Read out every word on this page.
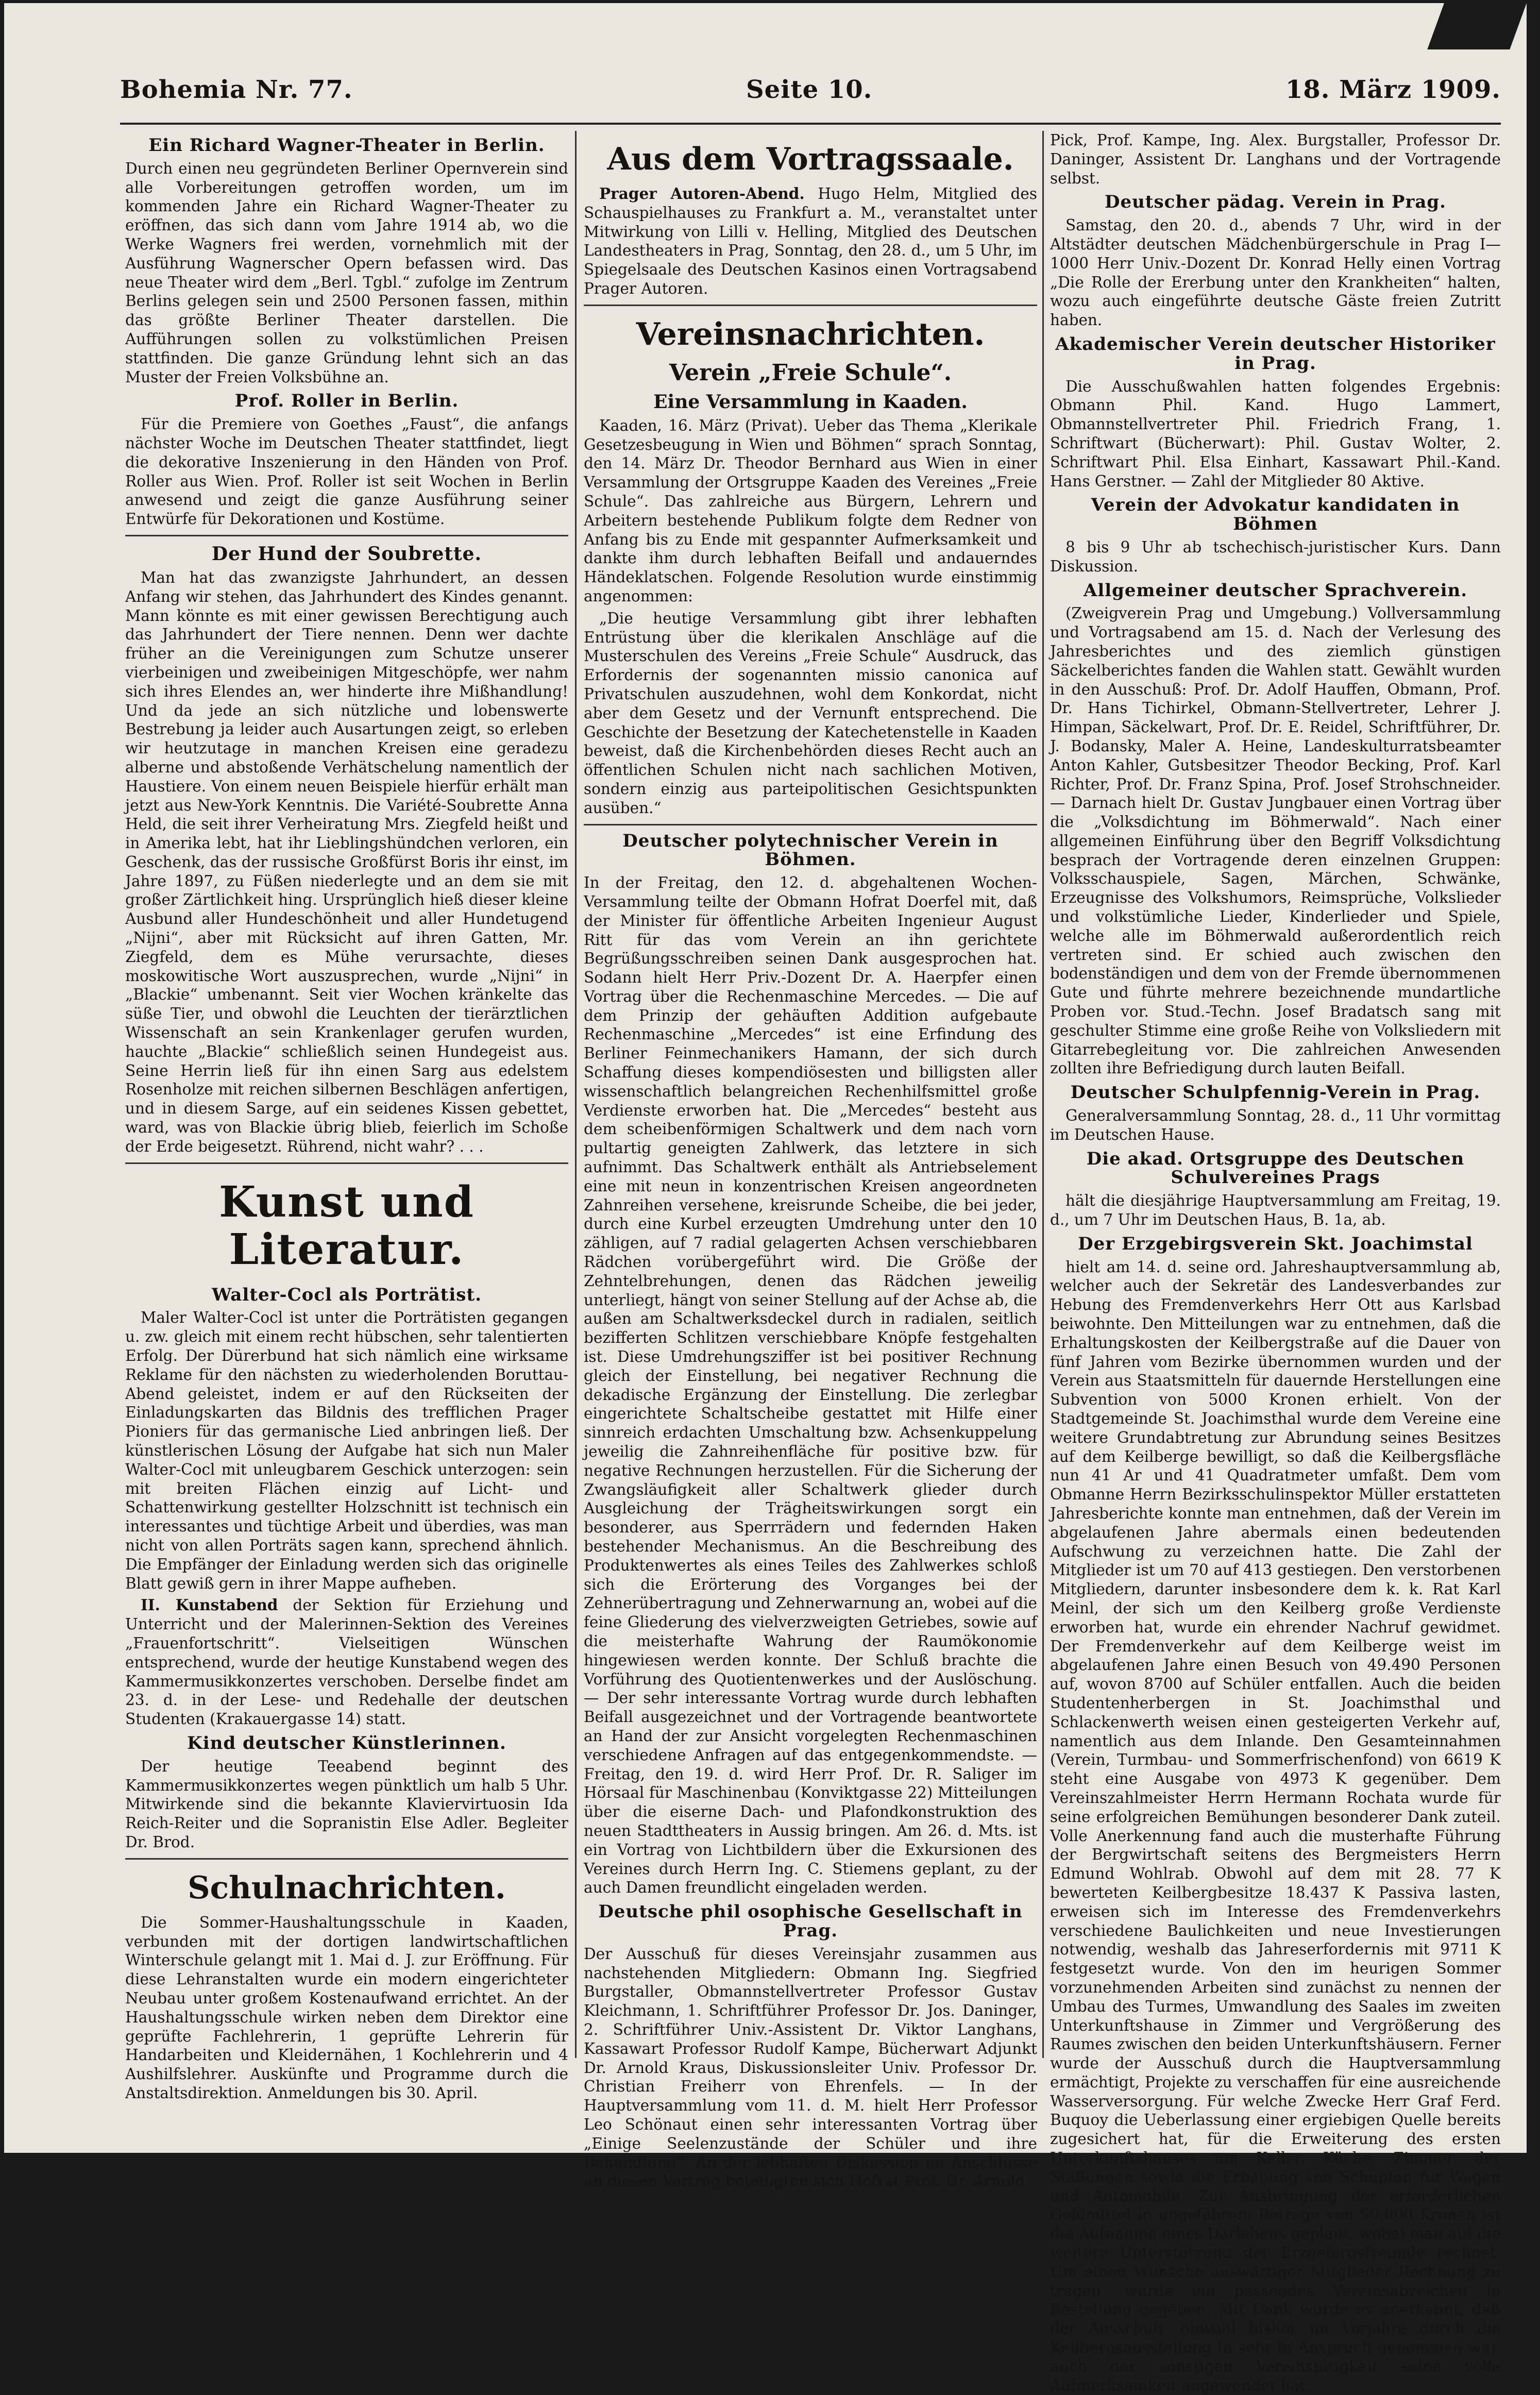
Bohemia Nr. 77.	Seite 10.	18. März 1909.
Ein Richard Wagner-Theater in Berlin.

Durch einen neu gegründeten Berliner Opernverein sind alle Vorbereitungen getroffen worden, um im kommenden Jahre ein Richard Wagner-Theater zu eröffnen, das sich dann vom Jahre 1914 ab, wo die Werke Wagners frei werden, vornehmlich mit der Ausführung Wagnerscher Opern befassen wird. Das neue Theater wird dem „Berl. Tgbl.“ zufolge im Zentrum Berlins gelegen sein und 2500 Personen fassen, mithin das größte Berliner Theater darstellen. Die Aufführungen sollen zu volkstümlichen Preisen stattfinden. Die ganze Gründung lehnt sich an das Muster der Freien Volksbühne an.

Prof. Roller in Berlin.

Für die Premiere von Goethes „Faust“, die anfangs nächster Woche im Deutschen Theater stattfindet, liegt die dekorative Inszenierung in den Händen von Prof. Roller aus Wien. Prof. Roller ist seit Wochen in Berlin anwesend und zeigt die ganze Ausführung seiner Entwürfe für Dekorationen und Kostüme.

Der Hund der Soubrette.

Man hat das zwanzigste Jahrhundert, an dessen Anfang wir stehen, das Jahrhundert des Kindes genannt. Mann könnte es mit einer gewissen Berechtigung auch das Jahrhundert der Tiere nennen. Denn wer dachte früher an die Vereinigungen zum Schutze unserer vierbeinigen und zweibeinigen Mitgeschöpfe, wer nahm sich ihres Elendes an, wer hinderte ihre Mißhandlung! Und da jede an sich nützliche und lobenswerte Bestrebung ja leider auch Ausartungen zeigt, so erleben wir heutzutage in manchen Kreisen eine geradezu alberne und abstoßende Verhätschelung namentlich der Haustiere. Von einem neuen Beispiele hierfür erhält man jetzt aus New-York Kenntnis. Die Variété-Soubrette Anna Held, die seit ihrer Verheiratung Mrs. Ziegfeld heißt und in Amerika lebt, hat ihr Lieblingshündchen verloren, ein Geschenk, das der russische Großfürst Boris ihr einst, im Jahre 1897, zu Füßen niederlegte und an dem sie mit großer Zärtlichkeit hing. Ursprünglich hieß dieser kleine Ausbund aller Hundeschönheit und aller Hundetugend „Nijni“, aber mit Rücksicht auf ihren Gatten, Mr. Ziegfeld, dem es Mühe verursachte, dieses moskowitische Wort auszusprechen, wurde „Nijni“ in „Blackie“ umbenannt. Seit vier Wochen kränkelte das süße Tier, und obwohl die Leuchten der tierärztlichen Wissenschaft an sein Krankenlager gerufen wurden, hauchte „Blackie“ schließlich seinen Hundegeist aus. Seine Herrin ließ für ihn einen Sarg aus edelstem Rosenholze mit reichen silbernen Beschlägen anfertigen, und in diesem Sarge, auf ein seidenes Kissen gebettet, ward, was von Blackie übrig blieb, feierlich im Schoße der Erde beigesetzt. Rührend, nicht wahr? . . .

Kunst und Literatur.
Walter-Cocl als Porträtist.

Maler Walter-Cocl ist unter die Porträtisten gegangen u. zw. gleich mit einem recht hübschen, sehr talentierten Erfolg. Der Dürerbund hat sich nämlich eine wirksame Reklame für den nächsten zu wiederholenden Boruttau-Abend geleistet, indem er auf den Rückseiten der Einladungskarten das Bildnis des trefflichen Prager Pioniers für das germanische Lied anbringen ließ. Der künstlerischen Lösung der Aufgabe hat sich nun Maler Walter-Cocl mit unleugbarem Geschick unterzogen: sein mit breiten Flächen einzig auf Licht- und Schattenwirkung gestellter Holzschnitt ist technisch ein interessantes und tüchtige Arbeit und überdies, was man nicht von allen Porträts sagen kann, sprechend ähnlich. Die Empfänger der Einladung werden sich das originelle Blatt gewiß gern in ihrer Mappe aufheben.

II. Kunstabend der Sektion für Erziehung und Unterricht und der Malerinnen-Sektion des Vereines „Frauenfortschritt“. Vielseitigen Wünschen entsprechend, wurde der heutige Kunstabend wegen des Kammermusikkonzertes verschoben. Derselbe findet am 23. d. in der Lese- und Redehalle der deutschen Studenten (Krakauergasse 14) statt.

Kind deutscher Künstlerinnen.

Der heutige Teeabend beginnt des Kammermusikkonzertes wegen pünktlich um halb 5 Uhr. Mitwirkende sind die bekannte Klaviervirtuosin Ida Reich-Reiter und die Sopranistin Else Adler. Begleiter Dr. Brod.

Schulnachrichten.

Die Sommer-Haushaltungsschule in Kaaden, verbunden mit der dortigen landwirtschaftlichen Winterschule gelangt mit 1. Mai d. J. zur Eröffnung. Für diese Lehranstalten wurde ein modern eingerichteter Neubau unter großem Kostenaufwand errichtet. An der Haushaltungsschule wirken neben dem Direktor eine geprüfte Fachlehrerin, 1 geprüfte Lehrerin für Handarbeiten und Kleidernähen, 1 Kochlehrerin und 4 Aushilfslehrer. Auskünfte und Programme durch die Anstaltsdirektion. Anmeldungen bis 30. April.

Aus dem Vortragssaale.

Prager Autoren-Abend. Hugo Helm, Mitglied des Schauspielhauses zu Frankfurt a. M., veranstaltet unter Mitwirkung von Lilli v. Helling, Mitglied des Deutschen Landestheaters in Prag, Sonntag, den 28. d., um 5 Uhr, im Spiegelsaale des Deutschen Kasinos einen Vortragsabend Prager Autoren.

Vereinsnachrichten.
Verein „Freie Schule“.
Eine Versammlung in Kaaden.

Kaaden, 16. März (Privat). Ueber das Thema „Klerikale Gesetzesbeugung in Wien und Böhmen“ sprach Sonntag, den 14. März Dr. Theodor Bernhard aus Wien in einer Versammlung der Ortsgruppe Kaaden des Vereines „Freie Schule“. Das zahlreiche aus Bürgern, Lehrern und Arbeitern bestehende Publikum folgte dem Redner von Anfang bis zu Ende mit gespannter Aufmerksamkeit und dankte ihm durch lebhaften Beifall und andauerndes Händeklatschen. Folgende Resolution wurde einstimmig angenommen:

„Die heutige Versammlung gibt ihrer lebhaften Entrüstung über die klerikalen Anschläge auf die Musterschulen des Vereins „Freie Schule“ Ausdruck, das Erfordernis der sogenannten missio canonica auf Privatschulen auszudehnen, wohl dem Konkordat, nicht aber dem Gesetz und der Vernunft entsprechend. Die Geschichte der Besetzung der Katechetenstelle in Kaaden beweist, daß die Kirchenbehörden dieses Recht auch an öffentlichen Schulen nicht nach sachlichen Motiven, sondern einzig aus parteipolitischen Gesichtspunkten ausüben.“

Deutscher polytechnischer Verein in Böhmen.

In der Freitag, den 12. d. abgehaltenen Wochen-Versammlung teilte der Obmann Hofrat Doerfel mit, daß der Minister für öffentliche Arbeiten Ingenieur August Ritt für das vom Verein an ihn gerichtete Begrüßungsschreiben seinen Dank ausgesprochen hat. Sodann hielt Herr Priv.-Dozent Dr. A. Haerpfer einen Vortrag über die Rechenmaschine Mercedes. — Die auf dem Prinzip der gehäuften Addition aufgebaute Rechenmaschine „Mercedes“ ist eine Erfindung des Berliner Feinmechanikers Hamann, der sich durch Schaffung dieses kompendiösesten und billigsten aller wissenschaftlich belangreichen Rechenhilfsmittel große Verdienste erworben hat. Die „Mercedes“ besteht aus dem scheibenförmigen Schaltwerk und dem nach vorn pultartig geneigten Zahlwerk, das letztere in sich aufnimmt. Das Schaltwerk enthält als Antriebselement eine mit neun in konzentrischen Kreisen angeordneten Zahnreihen versehene, kreisrunde Scheibe, die bei jeder, durch eine Kurbel erzeugten Umdrehung unter den 10 zähligen, auf 7 radial gelagerten Achsen verschiebbaren Rädchen vorübergeführt wird. Die Größe der Zehntelbrehungen, denen das Rädchen jeweilig unterliegt, hängt von seiner Stellung auf der Achse ab, die außen am Schaltwerksdeckel durch in radialen, seitlich bezifferten Schlitzen verschiebbare Knöpfe festgehalten ist. Diese Umdrehungsziffer ist bei positiver Rechnung gleich der Einstellung, bei negativer Rechnung die dekadische Ergänzung der Einstellung. Die zerlegbar eingerichtete Schaltscheibe gestattet mit Hilfe einer sinnreich erdachten Umschaltung bzw. Achsenkuppelung jeweilig die Zahnreihenfläche für positive bzw. für negative Rechnungen herzustellen. Für die Sicherung der Zwangsläufigkeit aller Schaltwerk glieder durch Ausgleichung der Trägheitswirkungen sorgt ein besonderer, aus Sperrrädern und federnden Haken bestehender Mechanismus. An die Beschreibung des Produktenwertes als eines Teiles des Zahlwerkes schloß sich die Erörterung des Vorganges bei der Zehnerübertragung und Zehnerwarnung an, wobei auf die feine Gliederung des vielverzweigten Getriebes, sowie auf die meisterhafte Wahrung der Raumökonomie hingewiesen werden konnte. Der Schluß brachte die Vorführung des Quotientenwerkes und der Auslöschung. — Der sehr interessante Vortrag wurde durch lebhaften Beifall ausgezeichnet und der Vortragende beantwortete an Hand der zur Ansicht vorgelegten Rechenmaschinen verschiedene Anfragen auf das entgegenkommendste. — Freitag, den 19. d. wird Herr Prof. Dr. R. Saliger im Hörsaal für Maschinenbau (Konviktgasse 22) Mitteilungen über die eiserne Dach- und Plafondkonstruktion des neuen Stadttheaters in Aussig bringen. Am 26. d. Mts. ist ein Vortrag von Lichtbildern über die Exkursionen des Vereines durch Herrn Ing. C. Stiemens geplant, zu der auch Damen freundlicht eingeladen werden.

Deutsche phil osophische Gesellschaft in Prag.

Der Ausschuß für dieses Vereinsjahr zusammen aus nachstehenden Mitgliedern: Obmann Ing. Siegfried Burgstaller, Obmannstellvertreter Professor Gustav Kleichmann, 1. Schriftführer Professor Dr. Jos. Daninger, 2. Schriftführer Univ.-Assistent Dr. Viktor Langhans, Kassawart Professor Rudolf Kampe, Bücherwart Adjunkt Dr. Arnold Kraus, Diskussionsleiter Univ. Professor Dr. Christian Freiherr von Ehrenfels. — In der Hauptversammlung vom 11. d. M. hielt Herr Professor Leo Schönaut einen sehr interessanten Vortrag über „Einige Seelenzustände der Schüler und ihre Behandlung“. An der lebhaften Diskussion im Anschlusse an diesen Vortrag beteiligten sich Hofrat Prof. Dr. Arnold

Pick, Prof. Kampe, Ing. Alex. Burgstaller, Professor Dr. Daninger, Assistent Dr. Langhans und der Vortragende selbst.

Deutscher pädag. Verein in Prag.

Samstag, den 20. d., abends 7 Uhr, wird in der Altstädter deutschen Mädchenbürgerschule in Prag I—1000 Herr Univ.-Dozent Dr. Konrad Helly einen Vortrag „Die Rolle der Ererbung unter den Krankheiten“ halten, wozu auch eingeführte deutsche Gäste freien Zutritt haben.

Akademischer Verein deutscher Historiker in Prag.

Die Ausschußwahlen hatten folgendes Ergebnis: Obmann Phil. Kand. Hugo Lammert, Obmannstellvertreter Phil. Friedrich Frang, 1. Schriftwart (Bücherwart): Phil. Gustav Wolter, 2. Schriftwart Phil. Elsa Einhart, Kassawart Phil.-Kand. Hans Gerstner. — Zahl der Mitglieder 80 Aktive.

Verein der Advokatur kandidaten in Böhmen

8 bis 9 Uhr ab tschechisch-juristischer Kurs. Dann Diskussion.

Allgemeiner deutscher Sprachverein.

(Zweigverein Prag und Umgebung.) Vollversammlung und Vortragsabend am 15. d. Nach der Verlesung des Jahresberichtes und des ziemlich günstigen Säckelberichtes fanden die Wahlen statt. Gewählt wurden in den Ausschuß: Prof. Dr. Adolf Hauffen, Obmann, Prof. Dr. Hans Tichirkel, Obmann-Stellvertreter, Lehrer J. Himpan, Säckelwart, Prof. Dr. E. Reidel, Schriftführer, Dr. J. Bodansky, Maler A. Heine, Landeskulturratsbeamter Anton Kahler, Gutsbesitzer Theodor Becking, Prof. Karl Richter, Prof. Dr. Franz Spina, Prof. Josef Strohschneider. — Darnach hielt Dr. Gustav Jungbauer einen Vortrag über die „Volksdichtung im Böhmerwald“. Nach einer allgemeinen Einführung über den Begriff Volksdichtung besprach der Vortragende deren einzelnen Gruppen: Volksschauspiele, Sagen, Märchen, Schwänke, Erzeugnisse des Volkshumors, Reimsprüche, Volkslieder und volkstümliche Lieder, Kinderlieder und Spiele, welche alle im Böhmerwald außerordentlich reich vertreten sind. Er schied auch zwischen den bodenständigen und dem von der Fremde übernommenen Gute und führte mehrere bezeichnende mundartliche Proben vor. Stud.-Techn. Josef Bradatsch sang mit geschulter Stimme eine große Reihe von Volksliedern mit Gitarrebegleitung vor. Die zahlreichen Anwesenden zollten ihre Befriedigung durch lauten Beifall.

Deutscher Schulpfennig-Verein in Prag.

Generalversammlung Sonntag, 28. d., 11 Uhr vormittag im Deutschen Hause.

Die akad. Ortsgruppe des Deutschen Schulvereines Prags

hält die diesjährige Hauptversammlung am Freitag, 19. d., um 7 Uhr im Deutschen Haus, B. 1a, ab.

Der Erzgebirgsverein Skt. Joachimstal

hielt am 14. d. seine ord. Jahreshauptversammlung ab, welcher auch der Sekretär des Landesverbandes zur Hebung des Fremdenverkehrs Herr Ott aus Karlsbad beiwohnte. Den Mitteilungen war zu entnehmen, daß die Erhaltungskosten der Keilbergstraße auf die Dauer von fünf Jahren vom Bezirke übernommen wurden und der Verein aus Staatsmitteln für dauernde Herstellungen eine Subvention von 5000 Kronen erhielt. Von der Stadtgemeinde St. Joachimsthal wurde dem Vereine eine weitere Grundabtretung zur Abrundung seines Besitzes auf dem Keilberge bewilligt, so daß die Keilbergsfläche nun 41 Ar und 41 Quadratmeter umfaßt. Dem vom Obmanne Herrn Bezirksschulinspektor Müller erstatteten Jahresberichte konnte man entnehmen, daß der Verein im abgelaufenen Jahre abermals einen bedeutenden Aufschwung zu verzeichnen hatte. Die Zahl der Mitglieder ist um 70 auf 413 gestiegen. Den verstorbenen Mitgliedern, darunter insbesondere dem k. k. Rat Karl Meinl, der sich um den Keilberg große Verdienste erworben hat, wurde ein ehrender Nachruf gewidmet. Der Fremdenverkehr auf dem Keilberge weist im abgelaufenen Jahre einen Besuch von 49.490 Personen auf, wovon 8700 auf Schüler entfallen. Auch die beiden Studentenherbergen in St. Joachimsthal und Schlackenwerth weisen einen gesteigerten Verkehr auf, namentlich aus dem Inlande. Den Gesamteinnahmen (Verein, Turmbau- und Sommerfrischenfond) von 6619 K steht eine Ausgabe von 4973 K gegenüber. Dem Vereinszahlmeister Herrn Hermann Rochata wurde für seine erfolgreichen Bemühungen besonderer Dank zuteil. Volle Anerkennung fand auch die musterhafte Führung der Bergwirtschaft seitens des Bergmeisters Herrn Edmund Wohlrab. Obwohl auf dem mit 28. 77 K bewerteten Keilbergbesitze 18.437 K Passiva lasten, erweisen sich im Interesse des Fremdenverkehrs verschiedene Baulichkeiten und neue Investierungen notwendig, weshalb das Jahreserfordernis mit 9711 K festgesetzt wurde. Von den im heurigen Sommer vorzunehmenden Arbeiten sind zunächst zu nennen der Umbau des Turmes, Umwandlung des Saales im zweiten Unterkunftshause in Zimmer und Vergrößerung des Raumes zwischen den beiden Unterkunftshäusern. Ferner wurde der Ausschuß durch die Hauptversammlung ermächtigt, Projekte zu verschaffen für eine ausreichende Wasserversorgung. Für welche Zwecke Herr Graf Ferd. Buquoy die Ueberlassung einer ergiebigen Quelle bereits zugesichert hat, für die Erweiterung des ersten Unterkunftshauses um Keller, Küche, Zimmer, der Stallungen sowie die Erbauung von Schupfen für Wagen und Automobile. Zur Ausbringung der erforderlichen Geldmittel in ungefährem Betrage von 50.000 Kronen ist die Aufnahme eines Darlehens geplant, wobei man auf die weitere Unterstützung der Erzgebirgsfreunde rechnet. Um einen Wunsche auswärtiger Mitglieder Rechnung zu tragen, wurde ein passendes Vereinsabzeichen in Bestellung gegeben. Mit Dank wurde es anerkannt, daß der Ausschuß, obwohl bisher im Vorjahre durch die Keilbergsausstellung in sehr in Anspruch genommen war, auch der sonstigen Vereinstätigkeit seine volle Aufmerksamkeit angewendet hat.
